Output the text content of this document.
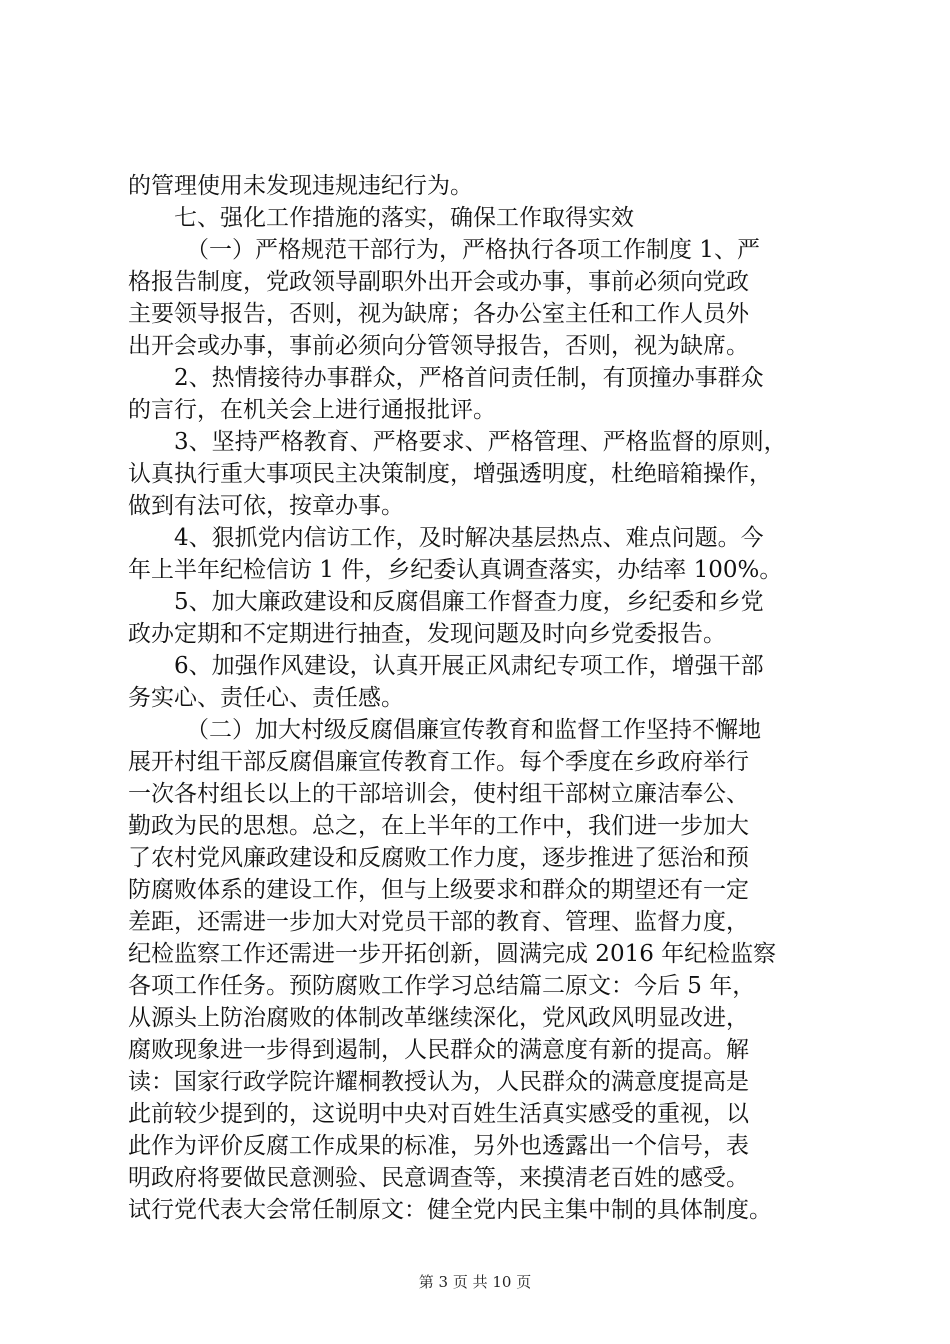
的管理使用未发现违规违纪行为。
七、强化工作措施的落实，确保工作取得实效
（一）严格规范干部行为，严格执行各项工作制度 1、严
格报告制度，党政领导副职外出开会或办事，事前必须向党政
主要领导报告，否则，视为缺席；各办公室主任和工作人员外
出开会或办事，事前必须向分管领导报告，否则，视为缺席。
2、热情接待办事群众，严格首问责任制，有顶撞办事群众
的言行，在机关会上进行通报批评。
3、坚持严格教育、严格要求、严格管理、严格监督的原则，
认真执行重大事项民主决策制度，增强透明度，杜绝暗箱操作，
做到有法可依，按章办事。
4、狠抓党内信访工作，及时解决基层热点、难点问题。今
年上半年纪检信访 1 件，乡纪委认真调查落实，办结率 100%。
5、加大廉政建设和反腐倡廉工作督查力度，乡纪委和乡党
政办定期和不定期进行抽查，发现问题及时向乡党委报告。
6、加强作风建设，认真开展正风肃纪专项工作，增强干部
务实心、责任心、责任感。
（二）加大村级反腐倡廉宣传教育和监督工作坚持不懈地
展开村组干部反腐倡廉宣传教育工作。每个季度在乡政府举行
一次各村组长以上的干部培训会，使村组干部树立廉洁奉公、
勤政为民的思想。总之，在上半年的工作中，我们进一步加大
了农村党风廉政建设和反腐败工作力度，逐步推进了惩治和预
防腐败体系的建设工作，但与上级要求和群众的期望还有一定
差距，还需进一步加大对党员干部的教育、管理、监督力度，
纪检监察工作还需进一步开拓创新，圆满完成 2016 年纪检监察
各项工作任务。预防腐败工作学习总结篇二原文：今后 5 年，
从源头上防治腐败的体制改革继续深化，党风政风明显改进，
腐败现象进一步得到遏制，人民群众的满意度有新的提高。解
读：国家行政学院许耀桐教授认为，人民群众的满意度提高是
此前较少提到的，这说明中央对百姓生活真实感受的重视，以
此作为评价反腐工作成果的标准，另外也透露出一个信号，表
明政府将要做民意测验、民意调查等，来摸清老百姓的感受。
试行党代表大会常任制原文：健全党内民主集中制的具体制度。
第 3 页 共 10 页
